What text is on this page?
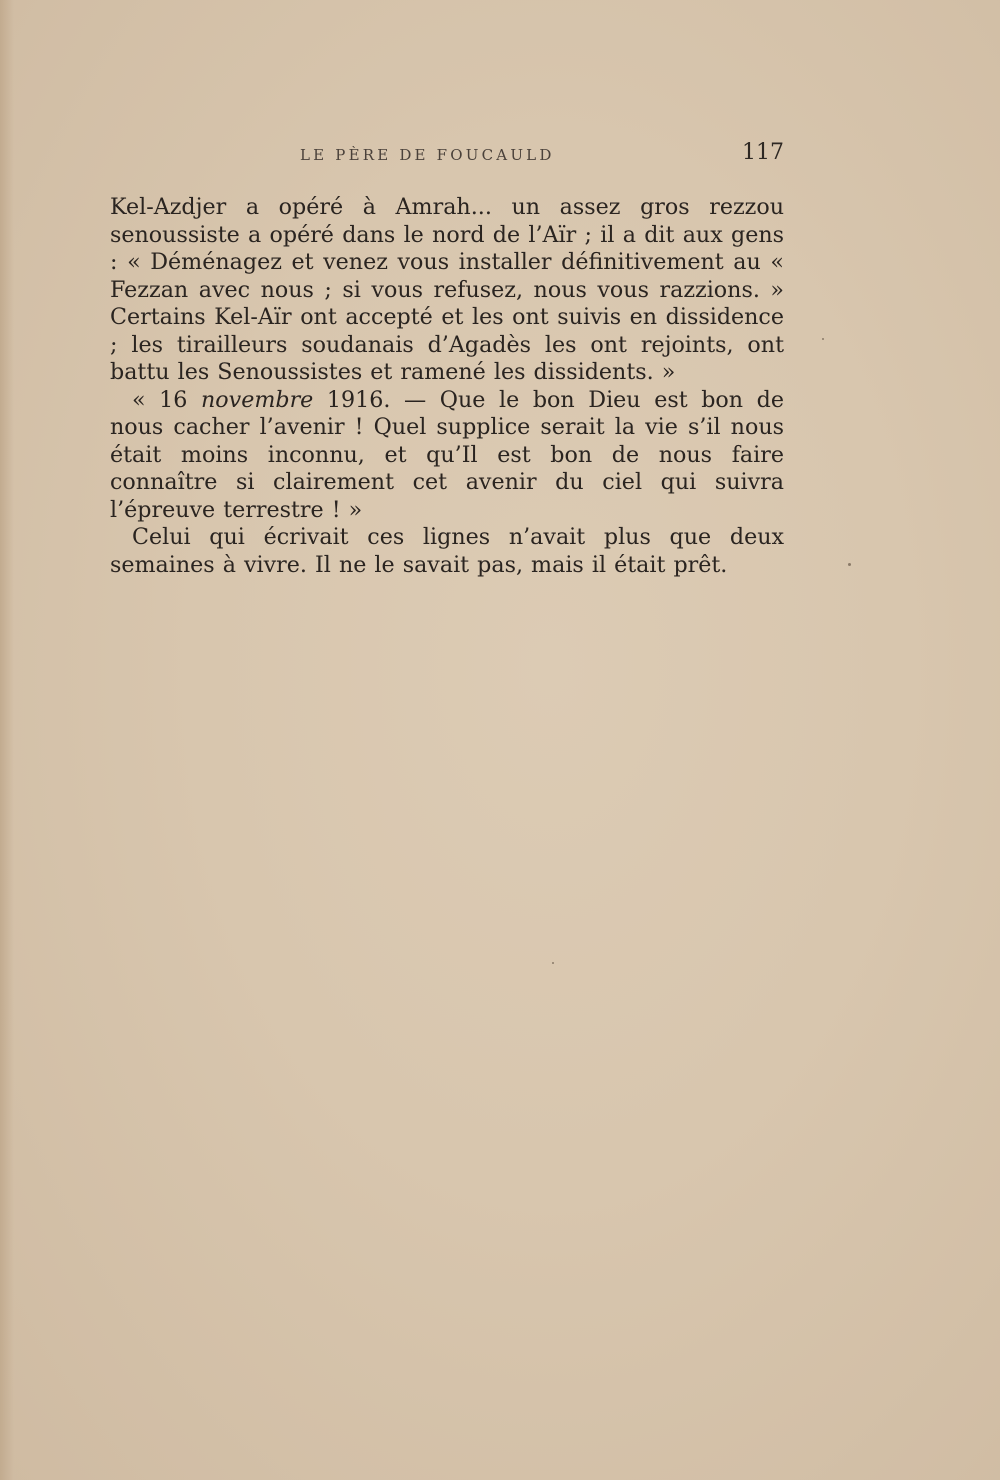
LE PÈRE DE FOUCAULD	117

Kel-Azdjer a opéré à Amrah... un assez gros rezzou senoussiste a opéré dans le nord de l’Aïr ; il a dit aux gens : « Déménagez et venez vous installer définitivement au « Fezzan avec nous ; si vous refusez, nous vous razzions. » Certains Kel-Aïr ont accepté et les ont suivis en dissidence ; les tirailleurs soudanais d’Agadès les ont rejoints, ont battu les Senoussistes et ramené les dissidents. »

« 16 novembre 1916. — Que le bon Dieu est bon de nous cacher l’avenir ! Quel supplice serait la vie s’il nous était moins inconnu, et qu’Il est bon de nous faire connaître si clairement cet avenir du ciel qui suivra l’épreuve terrestre ! »

Celui qui écrivait ces lignes n’avait plus que deux semaines à vivre. Il ne le savait pas, mais il était prêt.
